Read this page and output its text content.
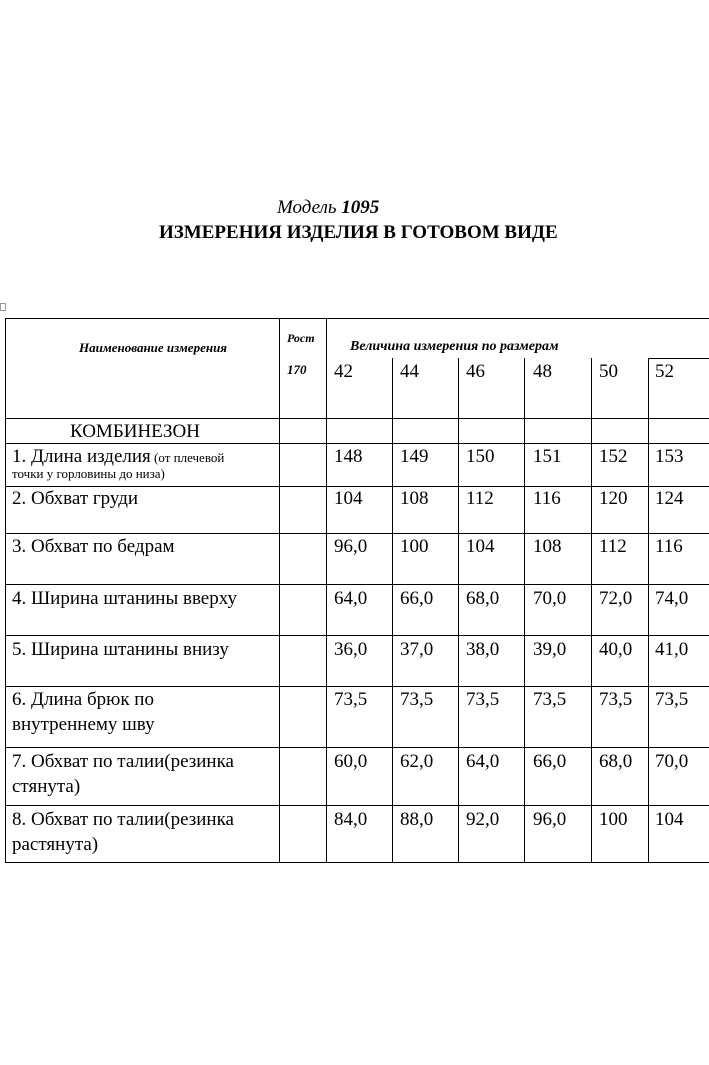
Модель 1095
ИЗМЕРЕНИЯ ИЗДЕЛИЯ В ГОТОВОМ ВИДЕ
Наименование измерения
Рост
170
Величина измерения по размерам
42 44 46	48 50 52
КОМБИНЕЗОН
1. Длина изделия (от плечевой
точки у горловины до низа)
148 149 150 151 152 153
2. Обхват груди	104 108 112 116 120 124
3. Обхват по бедрам	96,0 100 104 108 112 116
4. Ширина штанины вверху	64,0 66,0 68,0 70,0 72,0 74,0
5. Ширина штанины внизу	36,0 37,0 38,0 39,0 40,0 41,0
6. Длина брюк по
внутреннему шву
73,5 73,5 73,5 73,5 73,5 73,5
7. Обхват по талии(резинка
стянута)
60,0 62,0 64,0 66,0 68,0 70,0
8. Обхват по талии(резинка
растянута)
84,0 88,0 92,0 96,0 100 104
